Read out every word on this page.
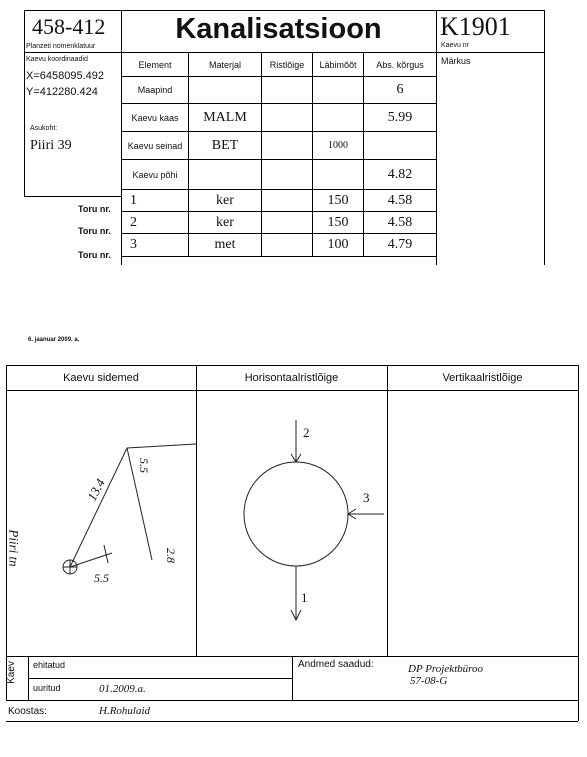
458-412
Planzeti nomenklatuur
Kanalisatsioon	K1901
Kaevu nr
Kaevu koordinaadid
X=6458095.492
Y=412280.424
Asukoht:
Piiri 39
Märkus
Element	Materjal	Ristlõige	Läbimõõt	Abs. kõrgus
Maapind				6
Kaevu kaas	MALM			5.99
Kaevu seinad	BET		1000	
Kaevu põhi				4.82
1	ker		150	4.58
2	ker		150	4.58
3	met		100	4.79
Toru nr.
Toru nr.
Toru nr.
6. jaanuar 2009. a.
Kaevu sidemed	Horisontaalristlõige	Vertikaalristlõige
13.4
5.5
5.5
2.8
Piiri tn
2
3
1
Kaev ehitatud
uuritud	01.2009.a.
Andmed saadud:	DP Projektbüroo
57-08-G
Koostas:	H.Rohulaid
